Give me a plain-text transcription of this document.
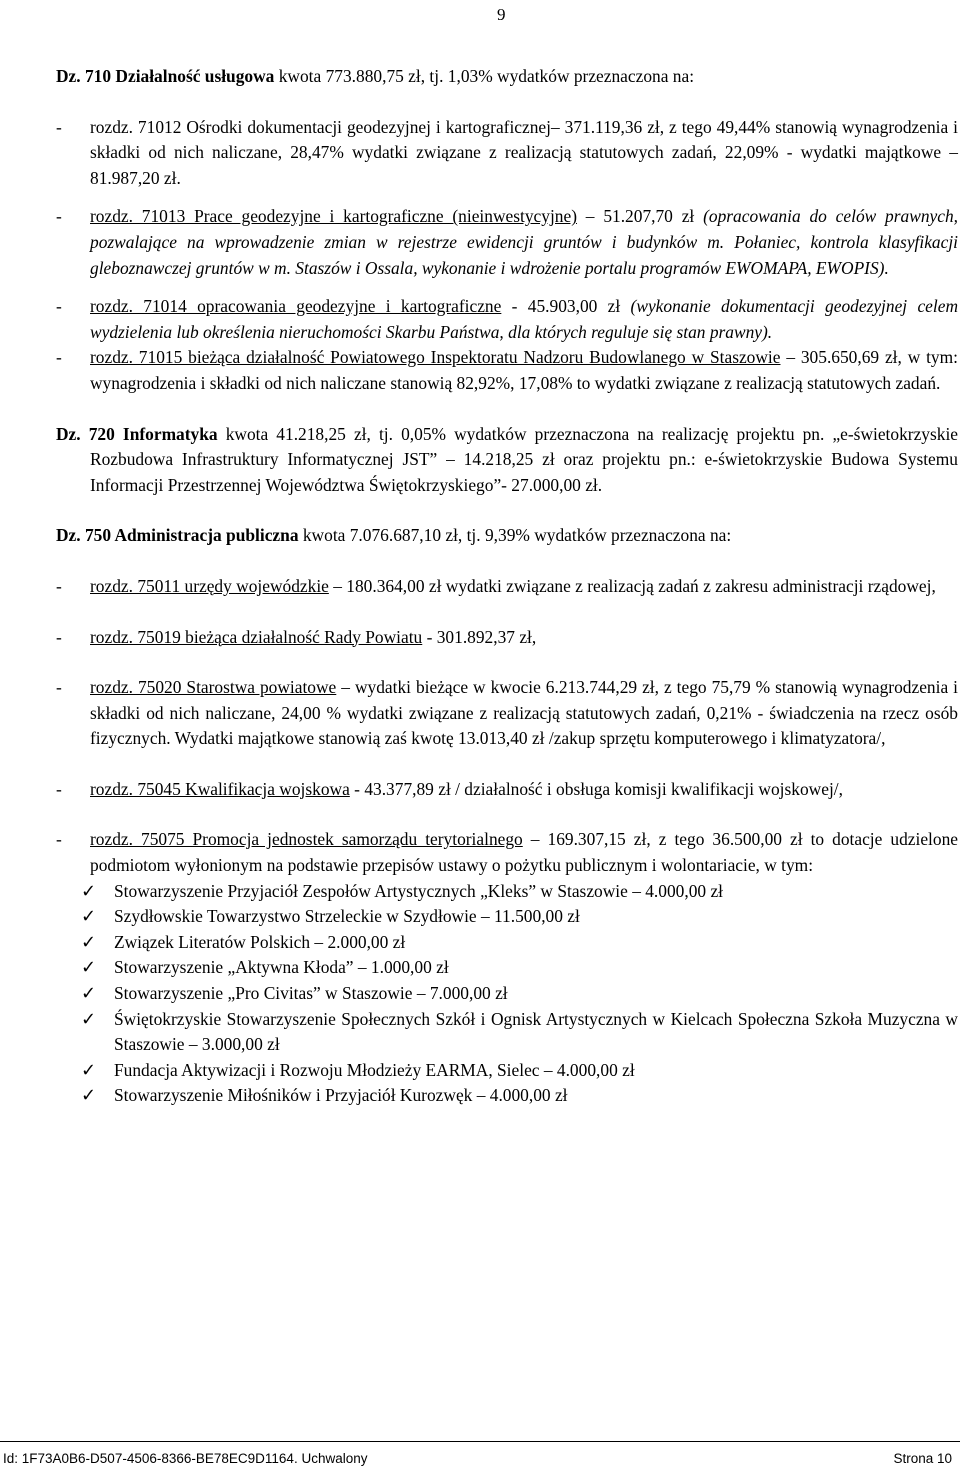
9

Dz. 710 Działalność usługowa kwota 773.880,75 zł, tj. 1,03% wydatków przeznaczona na:

- rozdz. 71012 Ośrodki dokumentacji geodezyjnej i kartograficznej– 371.119,36 zł, z tego 49,44% stanowią wynagrodzenia i składki od nich naliczane, 28,47% wydatki związane z realizacją statutowych zadań, 22,09% - wydatki majątkowe – 81.987,20 zł.
- rozdz. 71013 Prace geodezyjne i kartograficzne (nieinwestycyjne) – 51.207,70 zł (opracowania do celów prawnych, pozwalające na wprowadzenie zmian w rejestrze ewidencji gruntów i budynków m. Połaniec, kontrola klasyfikacji gleboznawczej gruntów w m. Staszów i Ossala, wykonanie i wdrożenie portalu programów EWOMAPA, EWOPIS).
- rozdz. 71014 opracowania geodezyjne i kartograficzne - 45.903,00 zł (wykonanie dokumentacji geodezyjnej celem wydzielenia lub określenia nieruchomości Skarbu Państwa, dla których reguluje się stan prawny).
- rozdz. 71015 bieżąca działalność Powiatowego Inspektoratu Nadzoru Budowlanego w Staszowie – 305.650,69 zł, w tym: wynagrodzenia i składki od nich naliczane stanowią 82,92%, 17,08% to wydatki związane z realizacją statutowych zadań.

Dz. 720 Informatyka kwota 41.218,25 zł, tj. 0,05% wydatków przeznaczona na realizację projektu pn. „e-świetokrzyskie Rozbudowa Infrastruktury Informatycznej JST” – 14.218,25 zł oraz projektu pn.: e-świetokrzyskie Budowa Systemu Informacji Przestrzennej Województwa Świętokrzyskiego”- 27.000,00 zł.

Dz. 750 Administracja publiczna kwota 7.076.687,10 zł, tj. 9,39% wydatków przeznaczona na:

- rozdz. 75011 urzędy wojewódzkie – 180.364,00 zł wydatki związane z realizacją zadań z zakresu administracji rządowej,
- rozdz. 75019 bieżąca działalność Rady Powiatu - 301.892,37 zł,
- rozdz. 75020 Starostwa powiatowe – wydatki bieżące w kwocie 6.213.744,29 zł, z tego 75,79 % stanowią wynagrodzenia i składki od nich naliczane, 24,00 % wydatki związane z realizacją statutowych zadań, 0,21% - świadczenia na rzecz osób fizycznych. Wydatki majątkowe stanowią zaś kwotę 13.013,40 zł /zakup sprzętu komputerowego i klimatyzatora/,
- rozdz. 75045 Kwalifikacja wojskowa - 43.377,89 zł / działalność i obsługa komisji kwalifikacji wojskowej/,
- rozdz. 75075 Promocja jednostek samorządu terytorialnego – 169.307,15 zł, z tego 36.500,00 zł to dotacje udzielone podmiotom wyłonionym na podstawie przepisów ustawy o pożytku publicznym i wolontariacie, w tym:
✓ Stowarzyszenie Przyjaciół Zespołów Artystycznych „Kleks” w Staszowie – 4.000,00 zł
✓ Szydłowskie Towarzystwo Strzeleckie w Szydłowie – 11.500,00 zł
✓ Związek Literatów Polskich – 2.000,00 zł
✓ Stowarzyszenie „Aktywna Kłoda” – 1.000,00 zł
✓ Stowarzyszenie „Pro Civitas” w Staszowie – 7.000,00 zł
✓ Świętokrzyskie Stowarzyszenie Społecznych Szkół i Ognisk Artystycznych w Kielcach Społeczna Szkoła Muzyczna w Staszowie – 3.000,00 zł
✓ Fundacja Aktywizacji i Rozwoju Młodzieży EARMA, Sielec – 4.000,00 zł
✓ Stowarzyszenie Miłośników i Przyjaciół Kurozwęk – 4.000,00 zł
Id: 1F73A0B6-D507-4506-8366-BE78EC9D1164. Uchwalony	Strona 10
